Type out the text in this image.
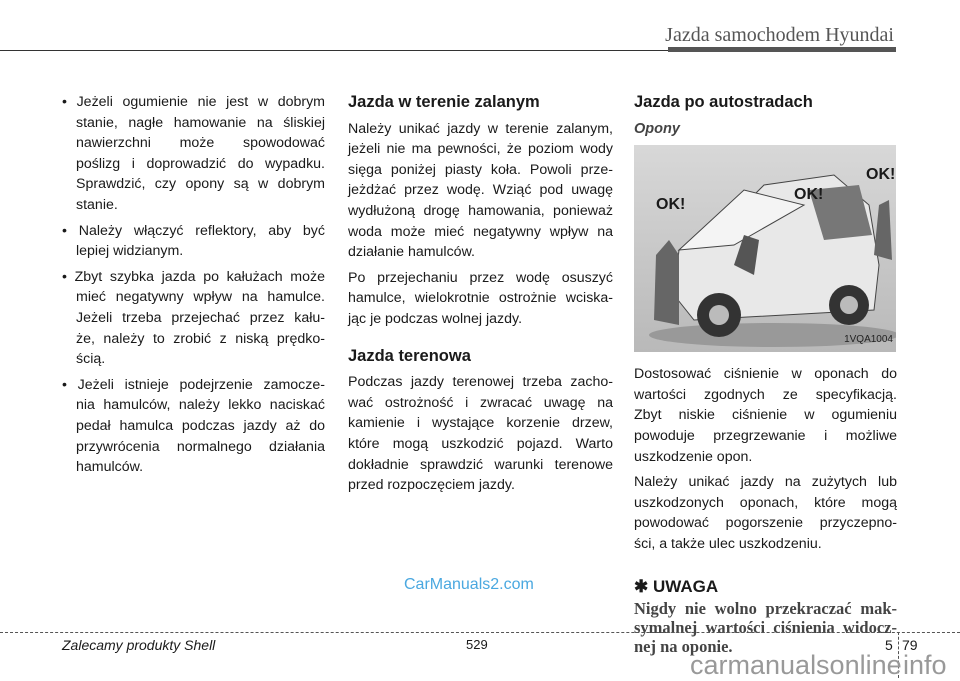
Jazda samochodem Hyundai
• Jeżeli ogumienie nie jest w dobrym
stanie, nagłe hamowanie na śliskiej
nawierzchni może spowodować
poślizg i doprowadzić do wypadku.
Sprawdzić, czy opony są w dobrym
stanie.
• Należy włączyć reflektory, aby być
lepiej widzianym.
• Zbyt szybka jazda po kałużach może
mieć negatywny wpływ na hamulce.
Jeżeli trzeba przejechać przez kału-
że, należy to zrobić z niską prędko-
ścią.
• Jeżeli istnieje podejrzenie zamocze-
nia hamulców, należy lekko naciskać
pedał hamulca podczas jazdy aż do
przywrócenia normalnego działania
hamulców.
Jazda w terenie zalanym
Należy unikać jazdy w terenie zalanym,
jeżeli nie ma pewności, że poziom wody
sięga poniżej piasty koła. Powoli prze-
jeżdżać przez wodę. Wziąć pod uwagę
wydłużoną drogę hamowania, ponieważ
woda może mieć negatywny wpływ na
działanie hamulców.
Po przejechaniu przez wodę osuszyć
hamulce, wielokrotnie ostrożnie wciska-
jąc je podczas wolnej jazdy.
Jazda terenowa
Podczas jazdy terenowej trzeba zacho-
wać ostrożność i zwracać uwagę na
kamienie i wystające korzenie drzew,
które mogą uszkodzić pojazd. Warto
dokładnie sprawdzić warunki terenowe
przed rozpoczęciem jazdy.
Jazda po autostradach
Opony
OK!
OK!
OK!
1VQA1004
Dostosować ciśnienie w oponach do
wartości zgodnych ze specyfikacją.
Zbyt niskie ciśnienie w ogumieniu
powoduje przegrzewanie i możliwe
uszkodzenie opon.
Należy unikać jazdy na zużytych lub
uszkodzonych oponach, które mogą
powodować pogorszenie przyczepno-
ści, a także ulec uszkodzeniu.
✱ UWAGA
Nigdy nie wolno przekraczać mak-
symalnej wartości ciśnienia widocz-
nej na oponie.
CarManuals2.com
Zalecamy produkty Shell	529	5 79
carmanualsonline info
